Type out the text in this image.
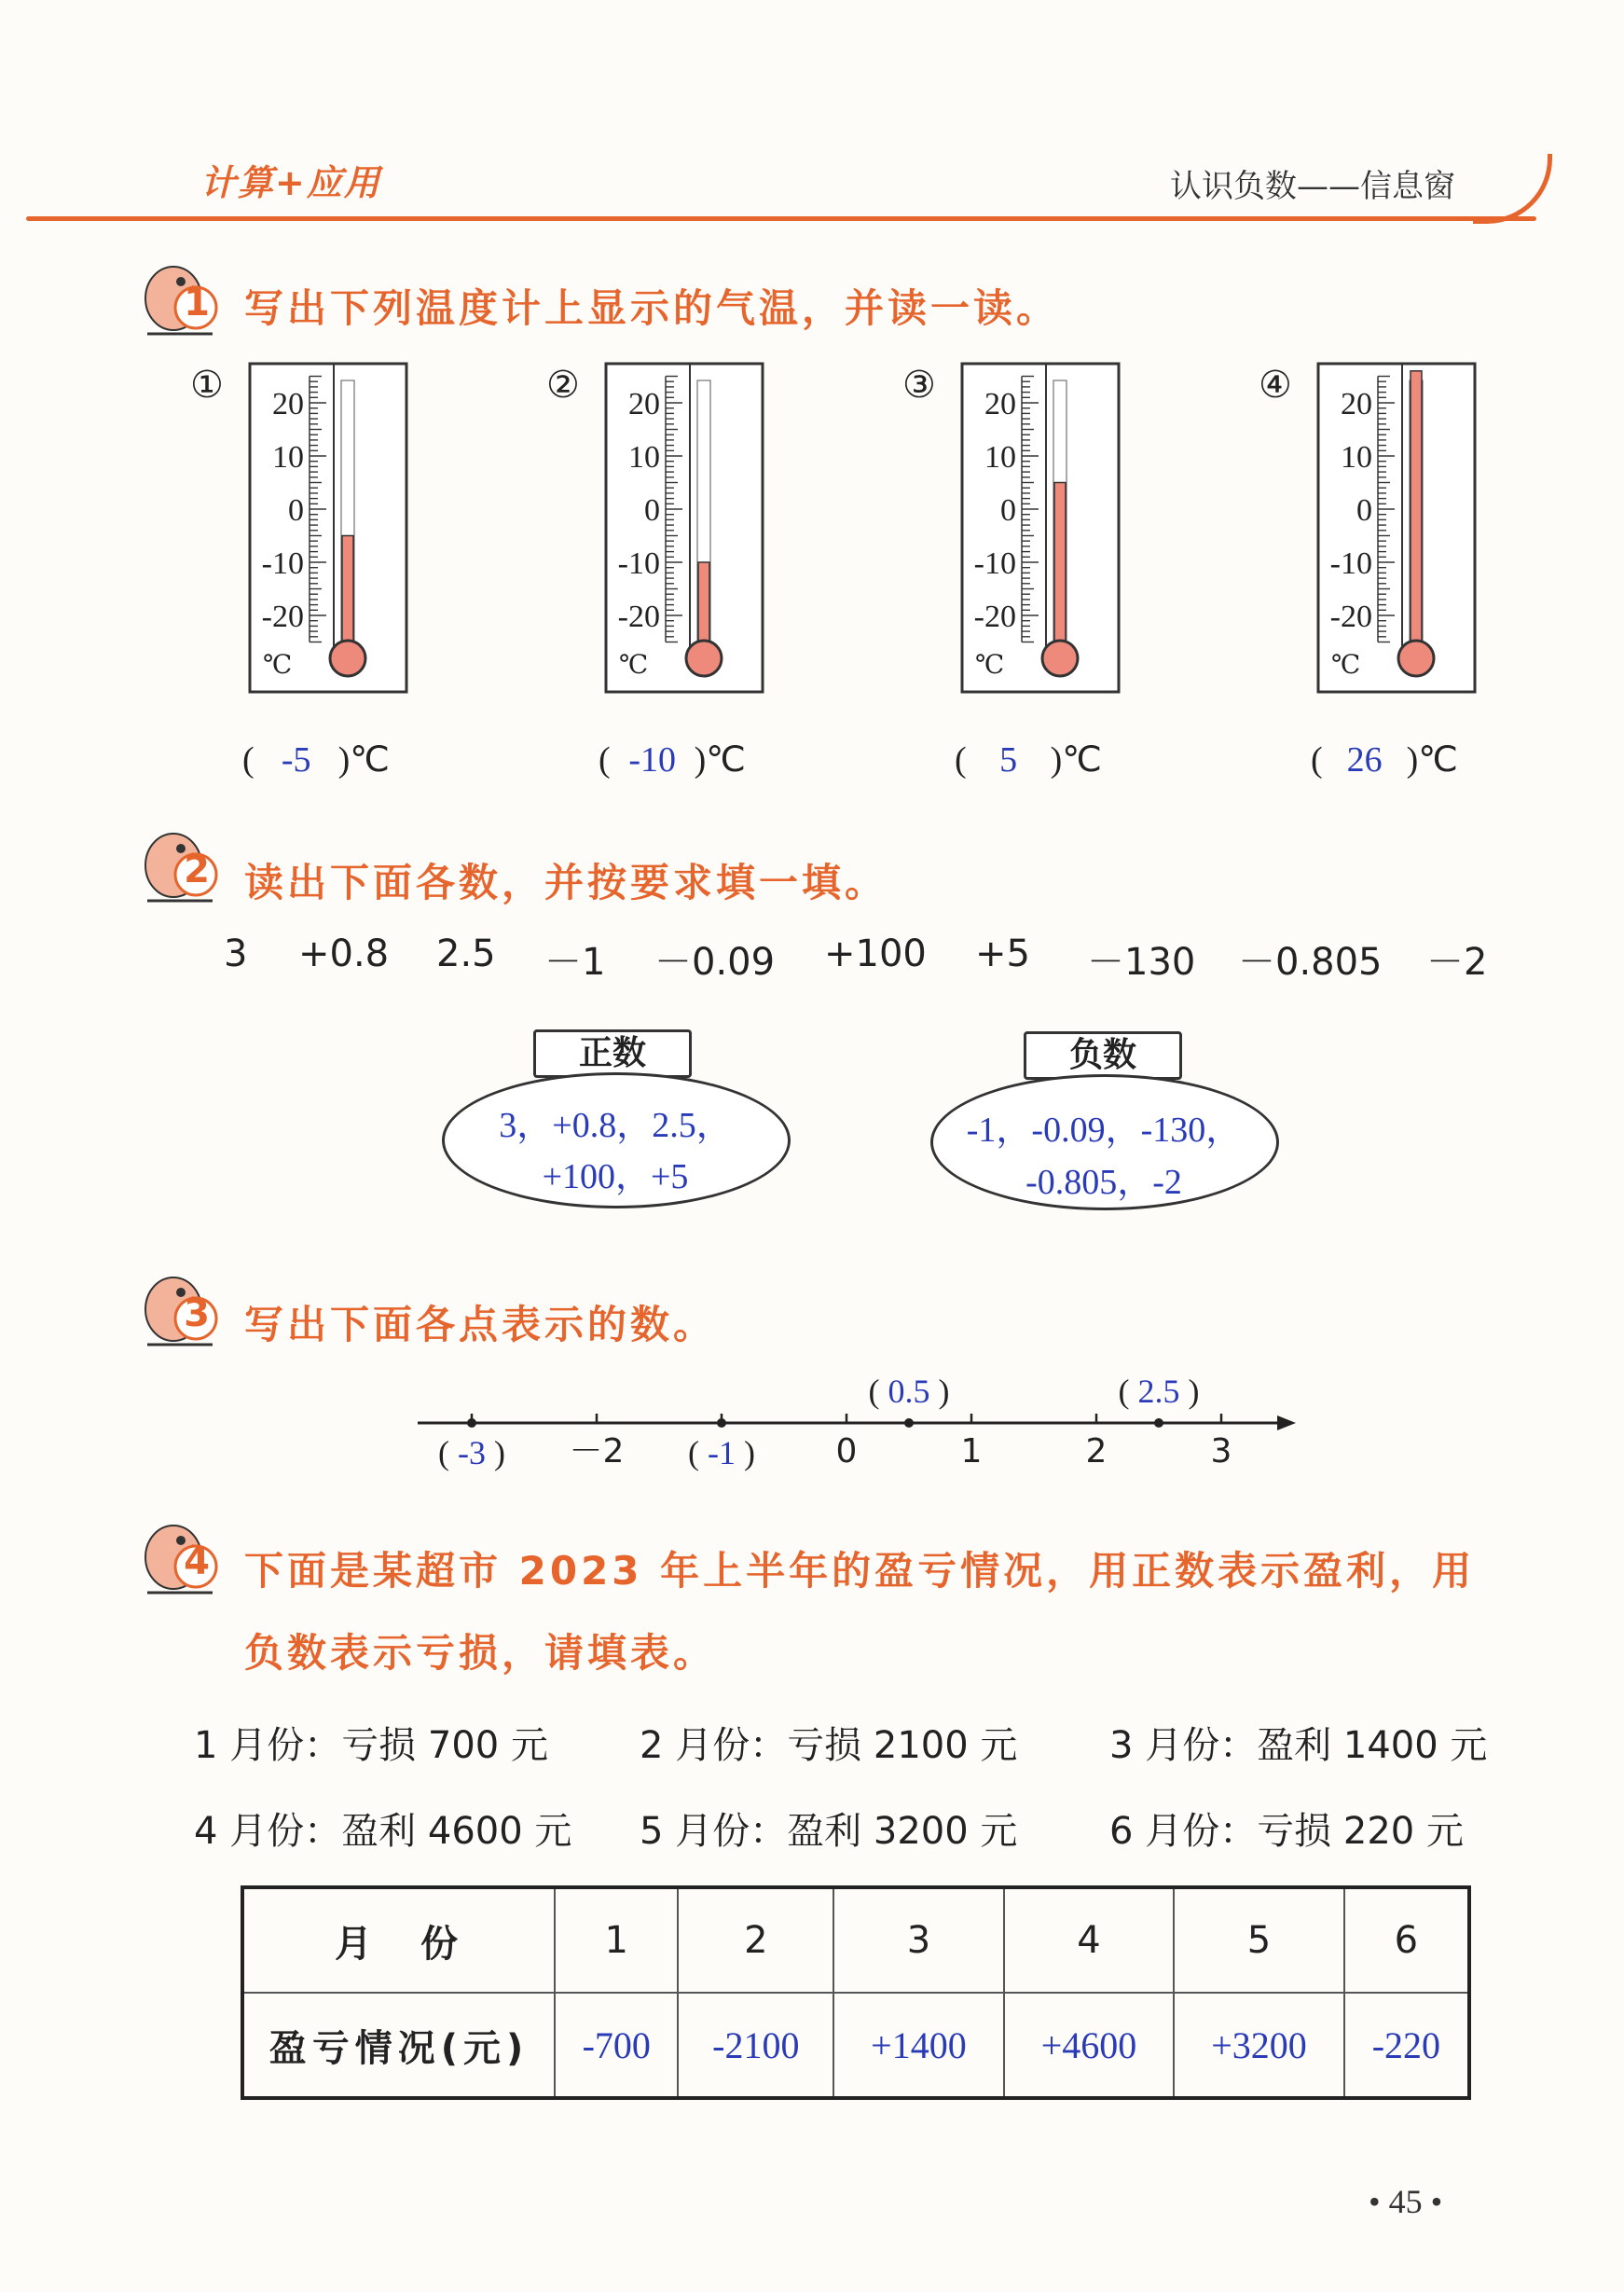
计算+应用	认识负数——信息窗
1 写出下列温度计上显示的气温，并读一读。
① 20
10
0
-10
-20
℃
( -5 )℃
② 20
10
0
-10
-20
℃
( -10 )℃
③ 20
10
0
-10
-20
℃
( 5 )℃
④ 20
10
0
-10
-20
℃
( 26 )℃
2 读出下面各数，并按要求填一填。
3 +0.8 2.5 －1 －0.09 +100 +5 －130 －0.805 －2
正数
3，+0.8，2.5，
+100，+5
负数
-1，-0.09，-130，
-0.805，-2
3 写出下面各点表示的数。
－2	0	1	2	3
( -3 )	( -1 )
( 0.5 )	( 2.5 )
4 下面是某超市 2023 年上半年的盈亏情况，用正数表示盈利，用
负数表示亏损，请填表。
1 月份：亏损 700 元 2 月份：亏损 2100 元 3 月份：盈利 1400 元
4 月份：盈利 4600 元 5 月份：盈利 3200 元 6 月份：亏损 220 元
月　份	1	2	3	4	5	6
盈亏情况(元)	-700	-2100	+1400	+4600	+3200	-220
• 45 •
